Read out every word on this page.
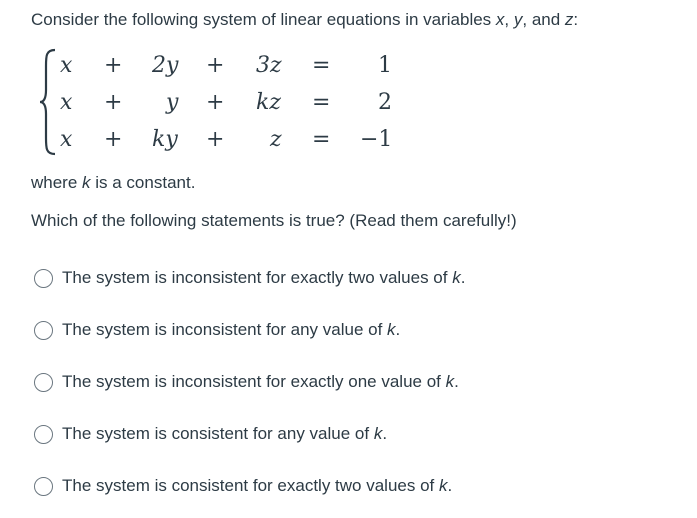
Consider the following system of linear equations in variables x, y, and z:
x + 2y + 3z = 1
x + y + kz = 2
x + ky + z = −1
where k is a constant.
Which of the following statements is true? (Read them carefully!)
The system is inconsistent for exactly two values of k.
The system is inconsistent for any value of k.
The system is inconsistent for exactly one value of k.
The system is consistent for any value of k.
The system is consistent for exactly two values of k.
